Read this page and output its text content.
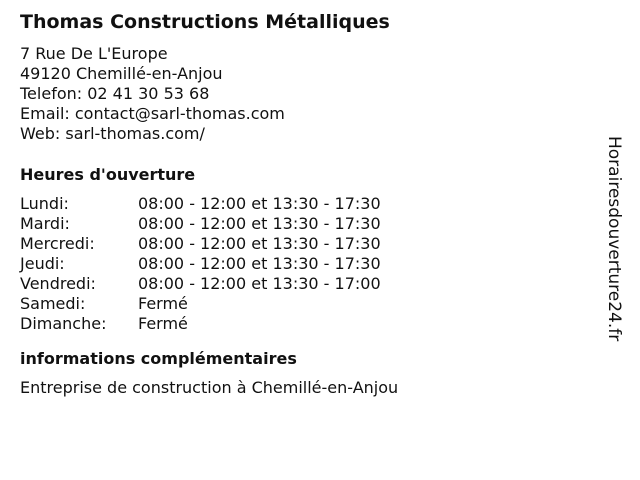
Thomas Constructions Métalliques
7 Rue De L'Europe
49120 Chemillé-en-Anjou
Telefon: 02 41 30 53 68
Email: contact@sarl-thomas.com
Web: sarl-thomas.com/
Heures d'ouverture
Lundi:	08:00 - 12:00 et 13:30 - 17:30
Mardi:	08:00 - 12:00 et 13:30 - 17:30
Mercredi:	08:00 - 12:00 et 13:30 - 17:30
Jeudi:	08:00 - 12:00 et 13:30 - 17:30
Vendredi:	08:00 - 12:00 et 13:30 - 17:00
Samedi:	Fermé
Dimanche:	Fermé
informations complémentaires
Entreprise de construction à Chemillé-en-Anjou
Horairesdouverture24.fr
